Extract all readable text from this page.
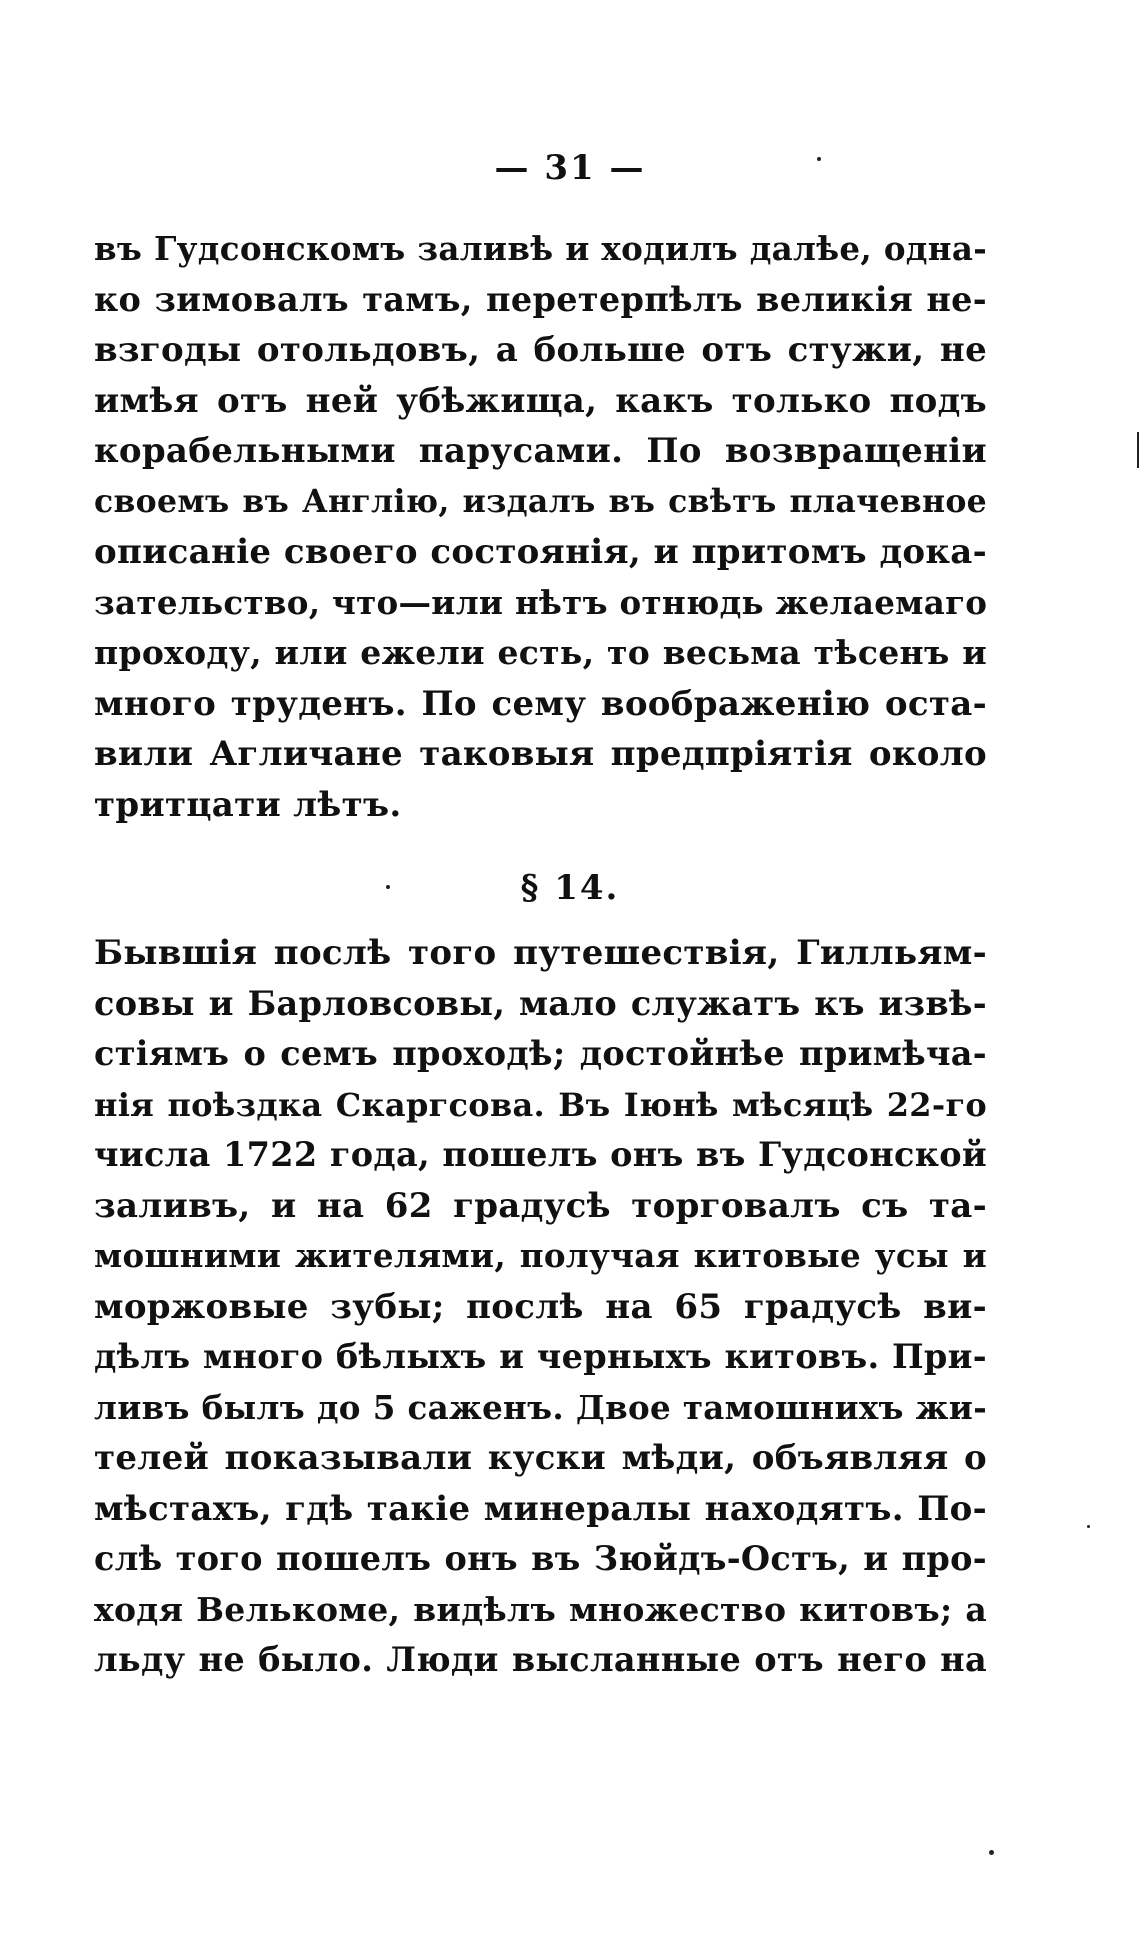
— 31 —
въ Гудсонскомъ заливѣ и ходилъ далѣе, одна-
ко зимовалъ тамъ, перетерпѣлъ великія не-
взгоды отольдовъ, а больше отъ стужи, не
имѣя отъ ней убѣжища, какъ только подъ
корабельными парусами. По возвращеніи
своемъ въ Англію, издалъ въ свѣтъ плачевное
описаніе своего состоянія, и притомъ дока-
зательство, что—или нѣтъ отнюдь желаемаго
проходу, или ежели есть, то весьма тѣсенъ и
много труденъ. По сему воображенію оста-
вили Агличане таковыя предпріятія около
тритцати лѣтъ.
§ 14.
Бывшія послѣ того путешествія, Гилльям-
совы и Барловсовы, мало служатъ къ извѣ-
стіямъ о семъ проходѣ; достойнѣе примѣча-
нія поѣздка Скаргсова. Въ Іюнѣ мѣсяцѣ 22-го
числа 1722 года, пошелъ онъ въ Гудсонской
заливъ, и на 62 градусѣ торговалъ съ та-
мошними жителями, получая китовые усы и
моржовые зубы; послѣ на 65 градусѣ ви-
дѣлъ много бѣлыхъ и черныхъ китовъ. При-
ливъ былъ до 5 саженъ. Двое тамошнихъ жи-
телей показывали куски мѣди, объявляя о
мѣстахъ, гдѣ такіе минералы находятъ. По-
слѣ того пошелъ онъ въ Зюйдъ-Остъ, и про-
ходя Велькоме, видѣлъ множество китовъ; а
льду не было. Люди высланные отъ него на
